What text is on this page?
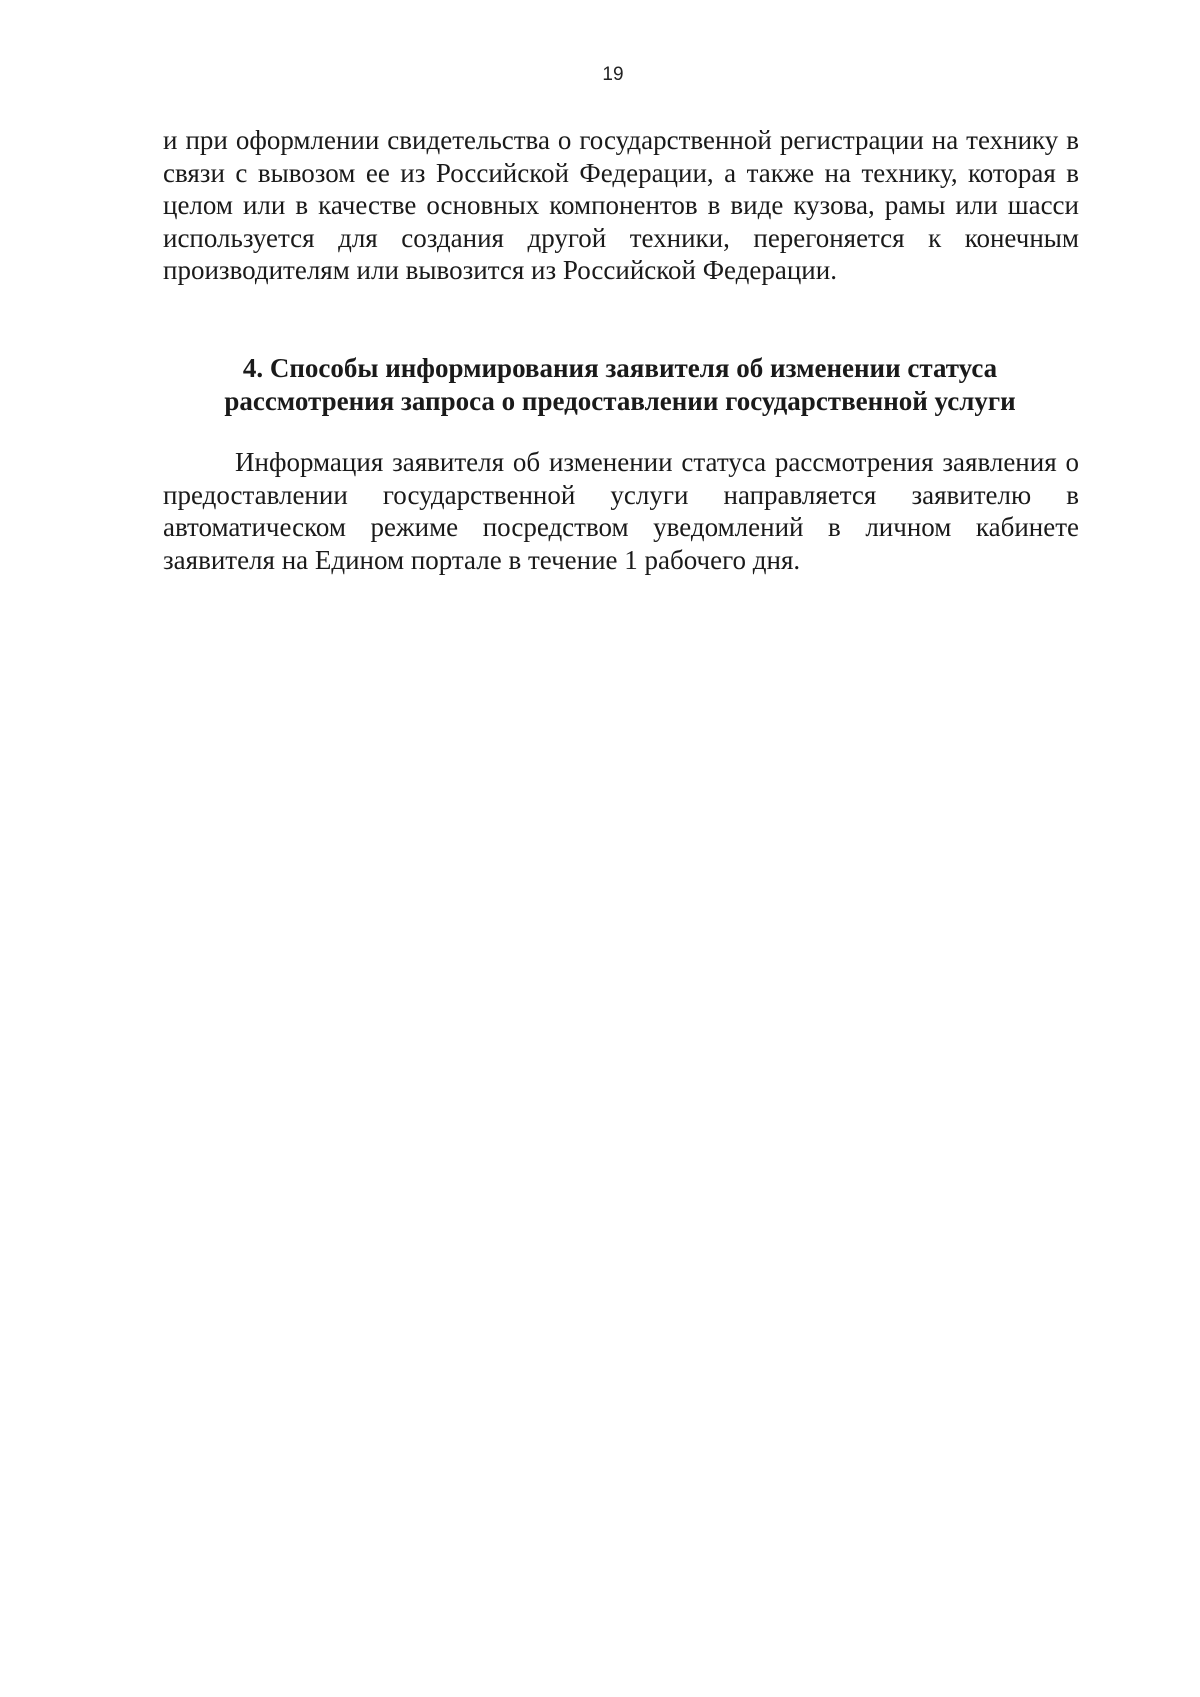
19

и при оформлении свидетельства о государственной регистрации на технику в связи с вывозом ее из Российской Федерации, а также на технику, которая в целом или в качестве основных компонентов в виде кузова, рамы или шасси используется для создания другой техники, перегоняется к конечным производителям или вывозится из Российской Федерации.

4. Способы информирования заявителя об изменении статуса
рассмотрения запроса о предоставлении государственной услуги

Информация заявителя об изменении статуса рассмотрения заявления о предоставлении государственной услуги направляется заявителю в автоматическом режиме посредством уведомлений в личном кабинете заявителя на Едином портале в течение 1 рабочего дня.
